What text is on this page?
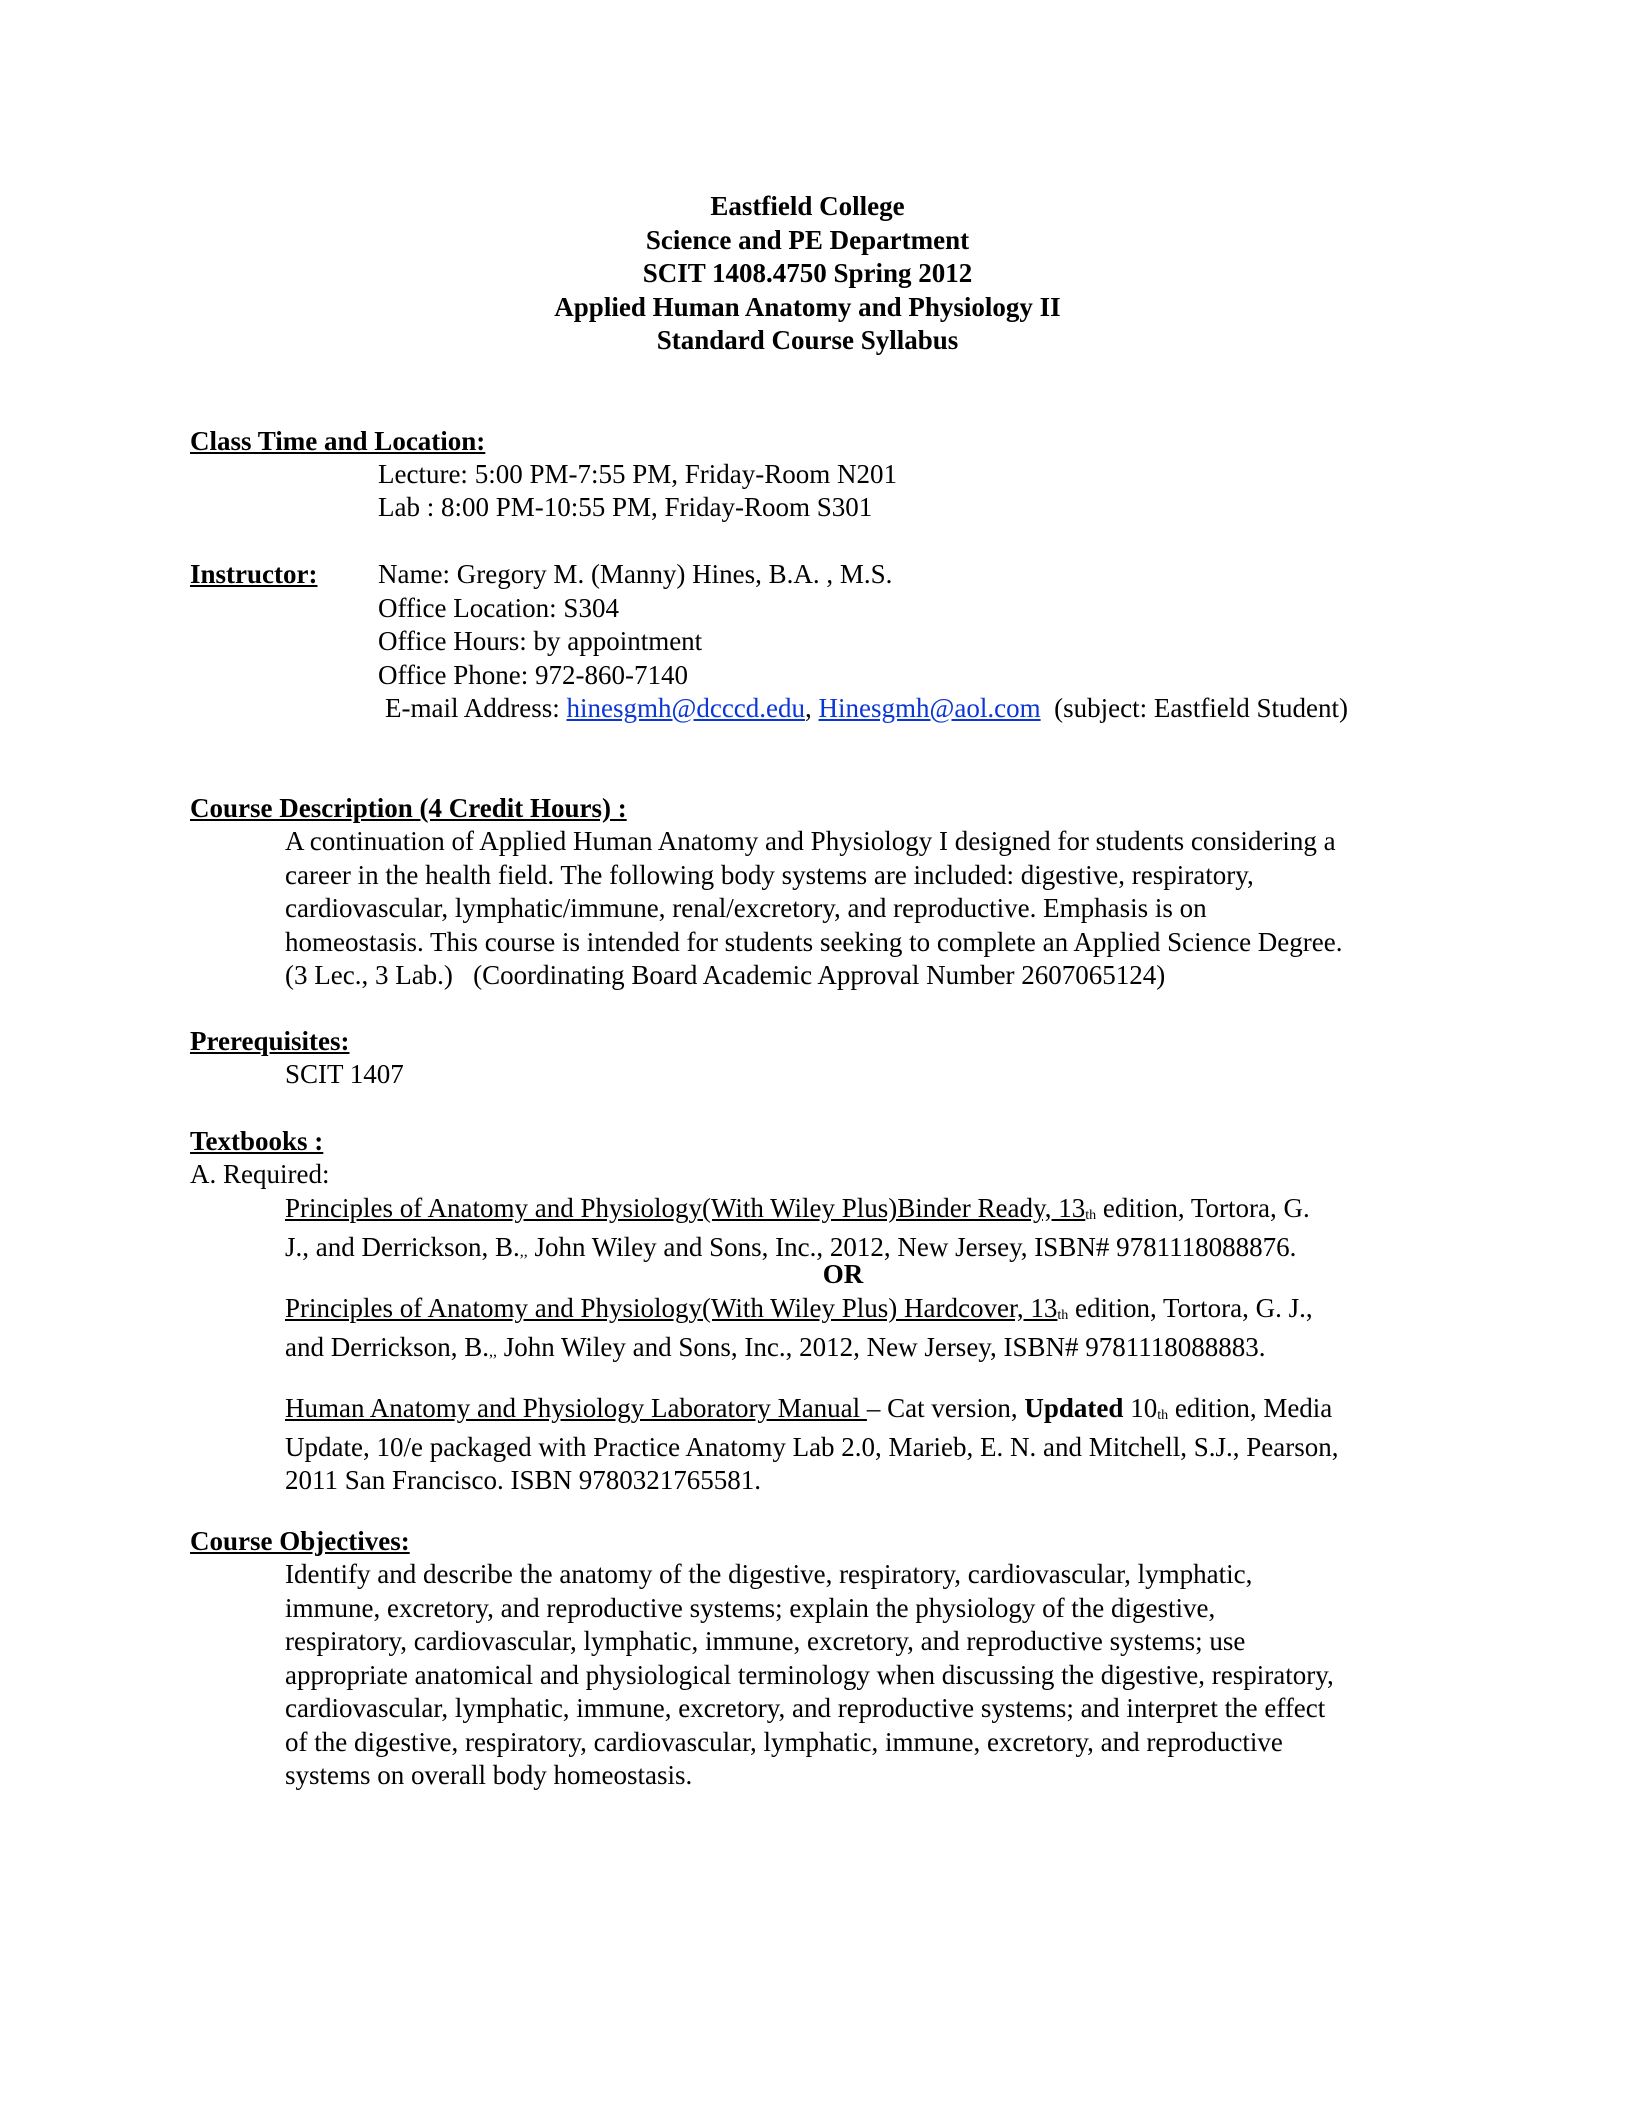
Eastfield College
Science and PE Department
SCIT 1408.4750 Spring 2012
Applied Human Anatomy and Physiology II
Standard Course Syllabus
Class Time and Location:
Lecture: 5:00 PM-7:55 PM, Friday-Room N201
Lab : 8:00 PM-10:55 PM, Friday-Room S301
Instructor: Name: Gregory M. (Manny) Hines, B.A. , M.S.
Office Location: S304
Office Hours: by appointment
Office Phone: 972-860-7140
E-mail Address: hinesgmh@dcccd.edu, Hinesgmh@aol.com  (subject: Eastfield Student)
Course Description (4 Credit Hours) :
A continuation of Applied Human Anatomy and Physiology I designed for students considering a
career in the health field. The following body systems are included: digestive, respiratory,
cardiovascular, lymphatic/immune, renal/excretory, and reproductive. Emphasis is on
homeostasis. This course is intended for students seeking to complete an Applied Science Degree.
(3 Lec., 3 Lab.)   (Coordinating Board Academic Approval Number 2607065124)
Prerequisites:
SCIT 1407
Textbooks :
A. Required:
Principles of Anatomy and Physiology(With Wiley Plus)Binder Ready, 13th edition, Tortora, G.
J., and Derrickson, B.,, John Wiley and Sons, Inc., 2012, New Jersey, ISBN# 9781118088876.
OR
Principles of Anatomy and Physiology(With Wiley Plus) Hardcover, 13th edition, Tortora, G. J.,
and Derrickson, B.,, John Wiley and Sons, Inc., 2012, New Jersey, ISBN# 9781118088883.
Human Anatomy and Physiology Laboratory Manual – Cat version, Updated 10th edition, Media
Update, 10/e packaged with Practice Anatomy Lab 2.0, Marieb, E. N. and Mitchell, S.J., Pearson,
2011 San Francisco. ISBN 9780321765581.
Course Objectives:
Identify and describe the anatomy of the digestive, respiratory, cardiovascular, lymphatic,
immune, excretory, and reproductive systems; explain the physiology of the digestive,
respiratory, cardiovascular, lymphatic, immune, excretory, and reproductive systems; use
appropriate anatomical and physiological terminology when discussing the digestive, respiratory,
cardiovascular, lymphatic, immune, excretory, and reproductive systems; and interpret the effect
of the digestive, respiratory, cardiovascular, lymphatic, immune, excretory, and reproductive
systems on overall body homeostasis.
